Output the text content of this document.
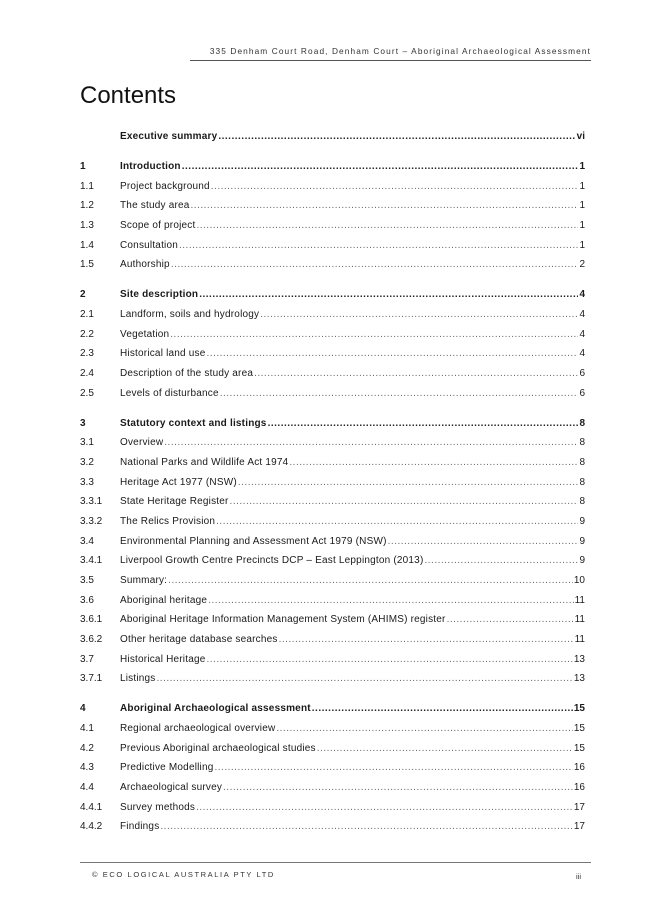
335 Denham Court Road, Denham Court – Aboriginal Archaeological Assessment
Contents
Executive summary .....	vi
1	Introduction .....	1
1.1	Project background .....	1
1.2	The study area .....	1
1.3	Scope of project .....	1
1.4	Consultation .....	1
1.5	Authorship .....	2
2	Site description .....	4
2.1	Landform, soils and hydrology .....	4
2.2	Vegetation .....	4
2.3	Historical land use .....	4
2.4	Description of the study area .....	6
2.5	Levels of disturbance .....	6
3	Statutory context and listings .....	8
3.1	Overview .....	8
3.2	National Parks and Wildlife Act 1974 .....	8
3.3	Heritage Act 1977 (NSW) .....	8
3.3.1	State Heritage Register .....	8
3.3.2	The Relics Provision .....	9
3.4	Environmental Planning and Assessment Act 1979 (NSW) .....	9
3.4.1	Liverpool Growth Centre Precincts DCP – East Leppington (2013) .....	9
3.5	Summary: .....	10
3.6	Aboriginal heritage .....	11
3.6.1	Aboriginal Heritage Information Management System (AHIMS) register .....	11
3.6.2	Other heritage database searches .....	11
3.7	Historical Heritage .....	13
3.7.1	Listings .....	13
4	Aboriginal Archaeological assessment .....	15
4.1	Regional archaeological overview .....	15
4.2	Previous Aboriginal archaeological studies .....	15
4.3	Predictive Modelling .....	16
4.4	Archaeological survey .....	16
4.4.1	Survey methods .....	17
4.4.2	Findings .....	17
© ECO LOGICAL AUSTRALIA PTY LTD	iii
